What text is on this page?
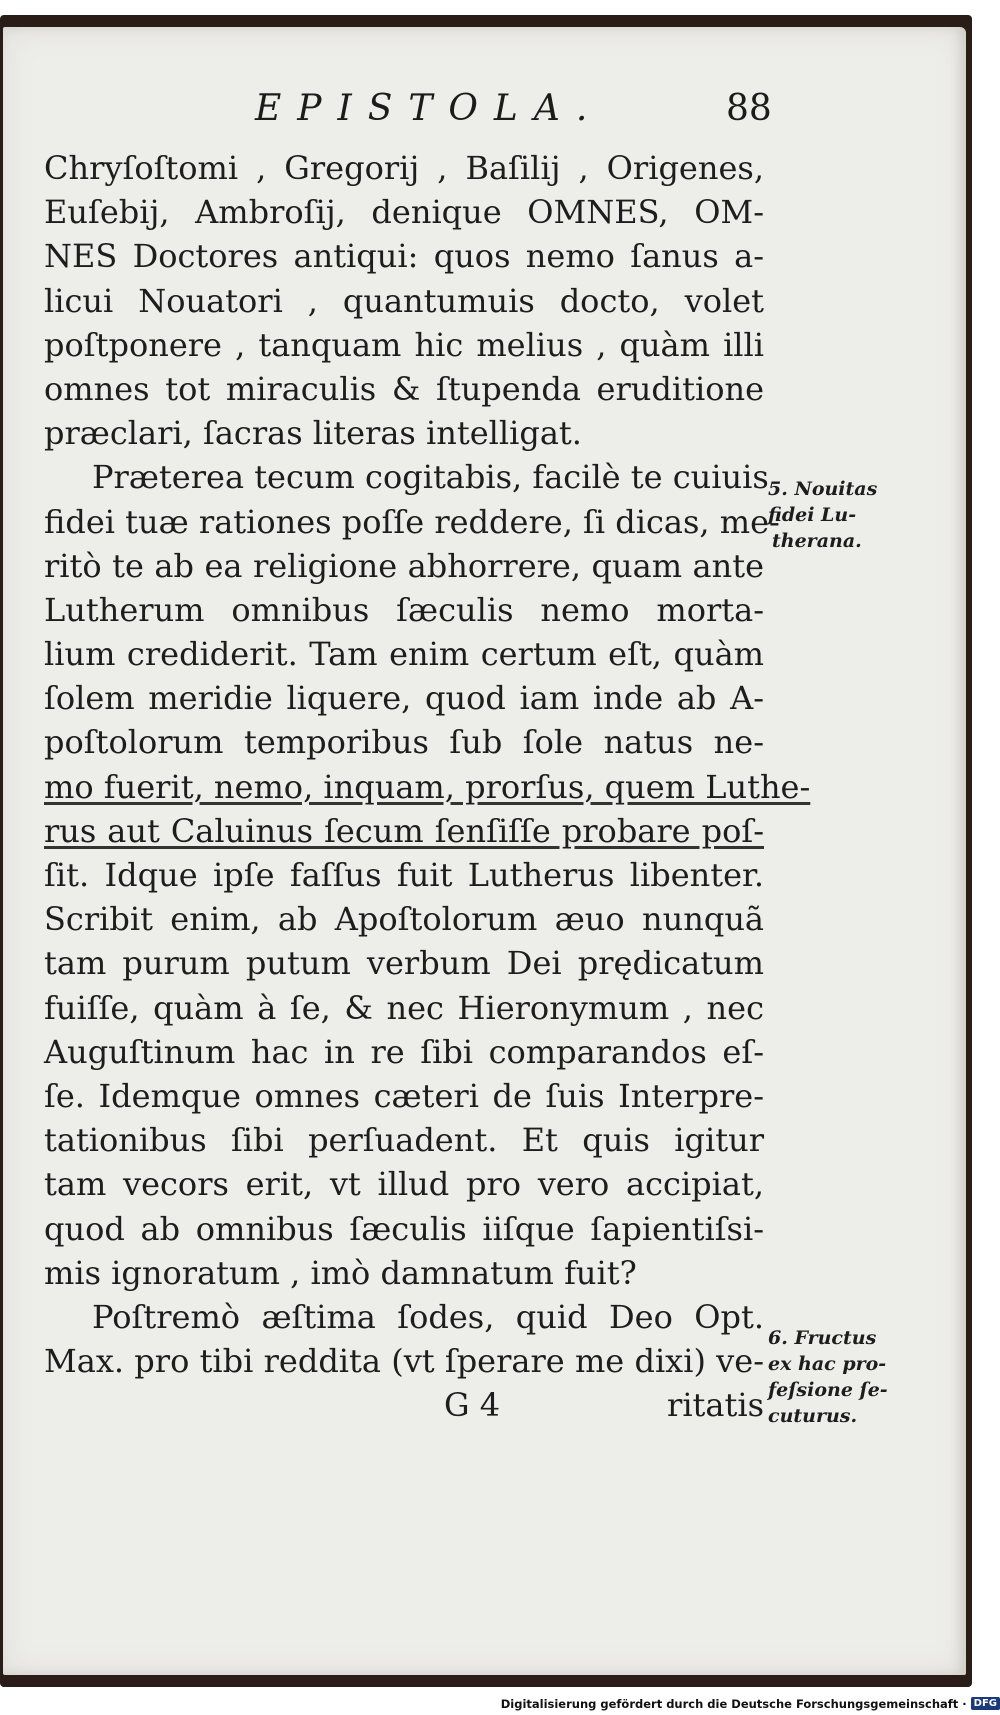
EPISTOLA.	88
Chryſoſtomi , Gregorij , Baſilij , Origenes,
Euſebij, Ambroſij, denique OMNES, OM-
NES Doctores antiqui: quos nemo ſanus a-
licui Nouatori , quantumuis docto, volet
poſtponere , tanquam hic melius , quàm illi
omnes tot miraculis & ſtupenda eruditione
præclari, ſacras literas intelligat.
Præterea tecum cogitabis, facilè te cuiuis
fidei tuæ rationes poſſe reddere, ſi dicas, me-
ritò te ab ea religione abhorrere, quam ante
Lutherum omnibus ſæculis nemo morta-
lium crediderit. Tam enim certum eſt, quàm
ſolem meridie liquere, quod iam inde ab A-
poſtolorum temporibus ſub ſole natus ne-
mo fuerit, nemo, inquam, prorſus, quem Luthe-
rus aut Caluinus ſecum ſenſiſſe probare poſ-
ſit. Idque ipſe faſſus fuit Lutherus libenter.
Scribit enim, ab Apoſtolorum æuo nunquã
tam purum putum verbum Dei prędicatum
fuiſſe, quàm à ſe, & nec Hieronymum , nec
Auguſtinum hac in re ſibi comparandos eſ-
ſe. Idemque omnes cæteri de ſuis Interpre-
tationibus ſibi perſuadent. Et quis igitur
tam vecors erit, vt illud pro vero accipiat,
quod ab omnibus ſæculis iiſque ſapientiſsi-
mis ignoratum , imò damnatum fuit?
Poſtremò æſtima ſodes, quid Deo Opt.
Max. pro tibi reddita (vt ſperare me dixi) ve-
G 4	ritatis
5. Nouitas
fidei Lu-
therana.
6. Fructus
ex hac pro-
feſsione ſe-
cuturus.
Digitalisierung gefördert durch die Deutsche Forschungsgemeinschaft · DFG
